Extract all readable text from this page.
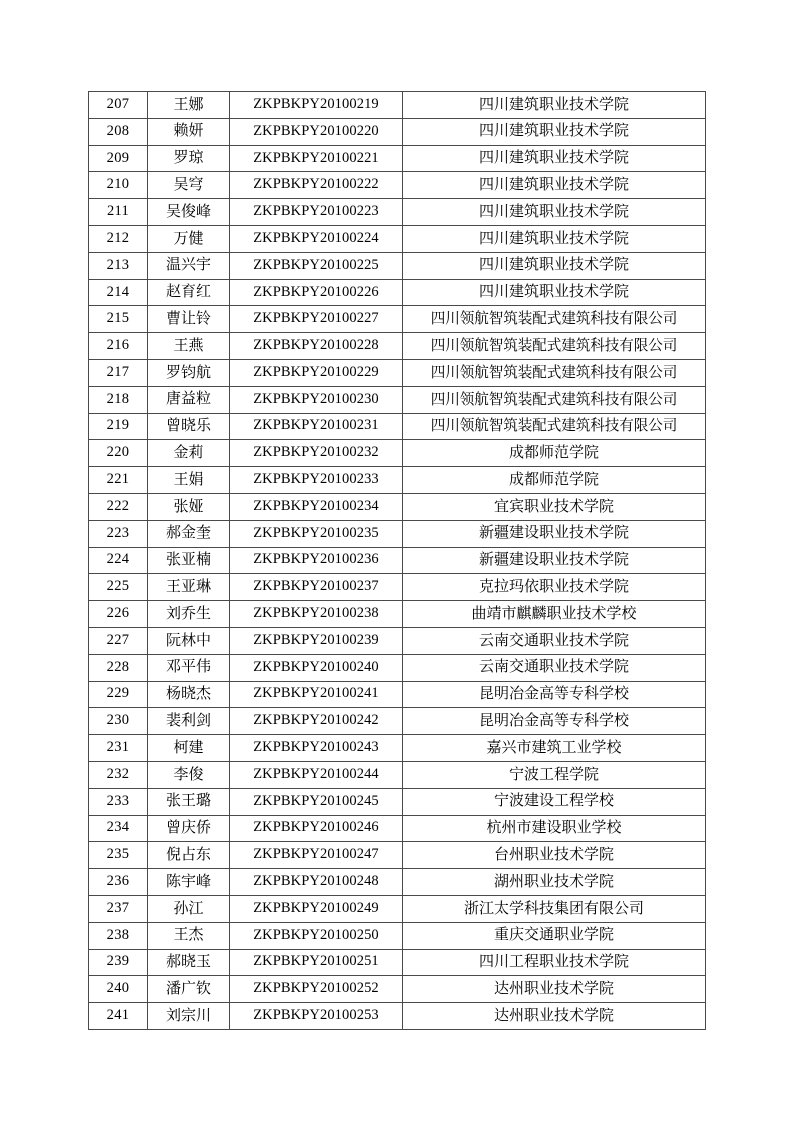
207	王娜	ZKPBKPY20100219	四川建筑职业技术学院
208	赖妍	ZKPBKPY20100220	四川建筑职业技术学院
209	罗琼	ZKPBKPY20100221	四川建筑职业技术学院
210	吴穹	ZKPBKPY20100222	四川建筑职业技术学院
211	吴俊峰	ZKPBKPY20100223	四川建筑职业技术学院
212	万健	ZKPBKPY20100224	四川建筑职业技术学院
213	温兴宇	ZKPBKPY20100225	四川建筑职业技术学院
214	赵育红	ZKPBKPY20100226	四川建筑职业技术学院
215	曹让铃	ZKPBKPY20100227	四川领航智筑装配式建筑科技有限公司
216	王燕	ZKPBKPY20100228	四川领航智筑装配式建筑科技有限公司
217	罗钧航	ZKPBKPY20100229	四川领航智筑装配式建筑科技有限公司
218	唐益粒	ZKPBKPY20100230	四川领航智筑装配式建筑科技有限公司
219	曾晓乐	ZKPBKPY20100231	四川领航智筑装配式建筑科技有限公司
220	金莉	ZKPBKPY20100232	成都师范学院
221	王娟	ZKPBKPY20100233	成都师范学院
222	张娅	ZKPBKPY20100234	宜宾职业技术学院
223	郝金奎	ZKPBKPY20100235	新疆建设职业技术学院
224	张亚楠	ZKPBKPY20100236	新疆建设职业技术学院
225	王亚琳	ZKPBKPY20100237	克拉玛依职业技术学院
226	刘乔生	ZKPBKPY20100238	曲靖市麒麟职业技术学校
227	阮林中	ZKPBKPY20100239	云南交通职业技术学院
228	邓平伟	ZKPBKPY20100240	云南交通职业技术学院
229	杨晓杰	ZKPBKPY20100241	昆明冶金高等专科学校
230	裴利剑	ZKPBKPY20100242	昆明冶金高等专科学校
231	柯建	ZKPBKPY20100243	嘉兴市建筑工业学校
232	李俊	ZKPBKPY20100244	宁波工程学院
233	张王璐	ZKPBKPY20100245	宁波建设工程学校
234	曾庆侨	ZKPBKPY20100246	杭州市建设职业学校
235	倪占东	ZKPBKPY20100247	台州职业技术学院
236	陈宇峰	ZKPBKPY20100248	湖州职业技术学院
237	孙江	ZKPBKPY20100249	浙江太学科技集团有限公司
238	王杰	ZKPBKPY20100250	重庆交通职业学院
239	郝晓玉	ZKPBKPY20100251	四川工程职业技术学院
240	潘广钦	ZKPBKPY20100252	达州职业技术学院
241	刘宗川	ZKPBKPY20100253	达州职业技术学院
